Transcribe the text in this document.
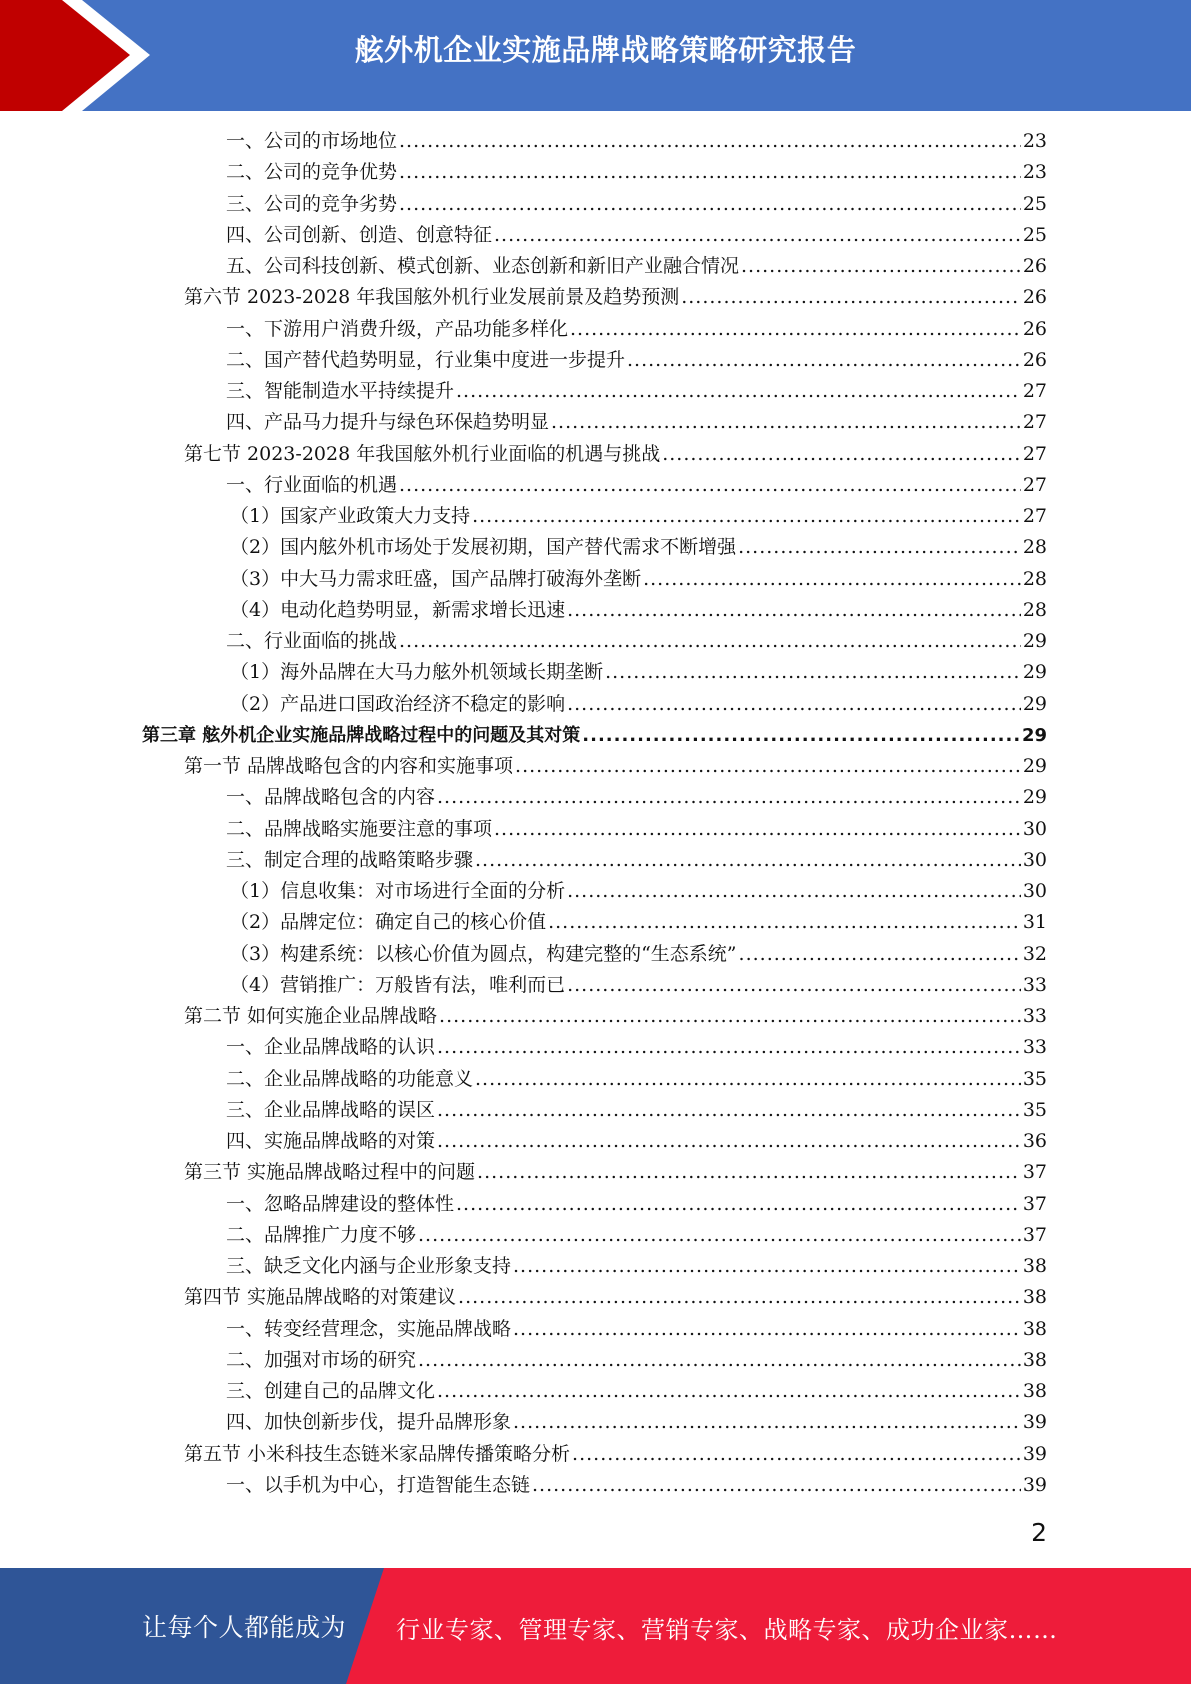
舷外机企业实施品牌战略策略研究报告
一、公司的市场地位 .....	23
二、公司的竞争优势 .....	23
三、公司的竞争劣势 .....	25
四、公司创新、创造、创意特征 .....	25
五、公司科技创新、模式创新、业态创新和新旧产业融合情况 .....	26
第六节 2023-2028 年我国舷外机行业发展前景及趋势预测 .....	26
一、下游用户消费升级，产品功能多样化 .....	26
二、国产替代趋势明显，行业集中度进一步提升 .....	26
三、智能制造水平持续提升 .....	27
四、产品马力提升与绿色环保趋势明显 .....	27
第七节 2023-2028 年我国舷外机行业面临的机遇与挑战 .....	27
一、行业面临的机遇 .....	27
（1）国家产业政策大力支持 .....	27
（2）国内舷外机市场处于发展初期，国产替代需求不断增强 .....	28
（3）中大马力需求旺盛，国产品牌打破海外垄断 .....	28
（4）电动化趋势明显，新需求增长迅速 .....	28
二、行业面临的挑战 .....	29
（1）海外品牌在大马力舷外机领域长期垄断 .....	29
（2）产品进口国政治经济不稳定的影响 .....	29
第三章 舷外机企业实施品牌战略过程中的问题及其对策 .....	29
第一节 品牌战略包含的内容和实施事项 .....	29
一、品牌战略包含的内容 .....	29
二、品牌战略实施要注意的事项 .....	30
三、制定合理的战略策略步骤 .....	30
（1）信息收集：对市场进行全面的分析 .....	30
（2）品牌定位：确定自己的核心价值 .....	31
（3）构建系统：以核心价值为圆点，构建完整的“生态系统” .....	32
（4）营销推广：万般皆有法，唯利而已 .....	33
第二节 如何实施企业品牌战略 .....	33
一、企业品牌战略的认识 .....	33
二、企业品牌战略的功能意义 .....	35
三、企业品牌战略的误区 .....	35
四、实施品牌战略的对策 .....	36
第三节 实施品牌战略过程中的问题 .....	37
一、忽略品牌建设的整体性 .....	37
二、品牌推广力度不够 .....	37
三、缺乏文化内涵与企业形象支持 .....	38
第四节 实施品牌战略的对策建议 .....	38
一、转变经营理念，实施品牌战略 .....	38
二、加强对市场的研究 .....	38
三、创建自己的品牌文化 .....	38
四、加快创新步伐，提升品牌形象 .....	39
第五节 小米科技生态链米家品牌传播策略分析 .....	39
一、以手机为中心，打造智能生态链 .....	39
2
让每个人都能成为 行业专家、管理专家、营销专家、战略专家、成功企业家……
